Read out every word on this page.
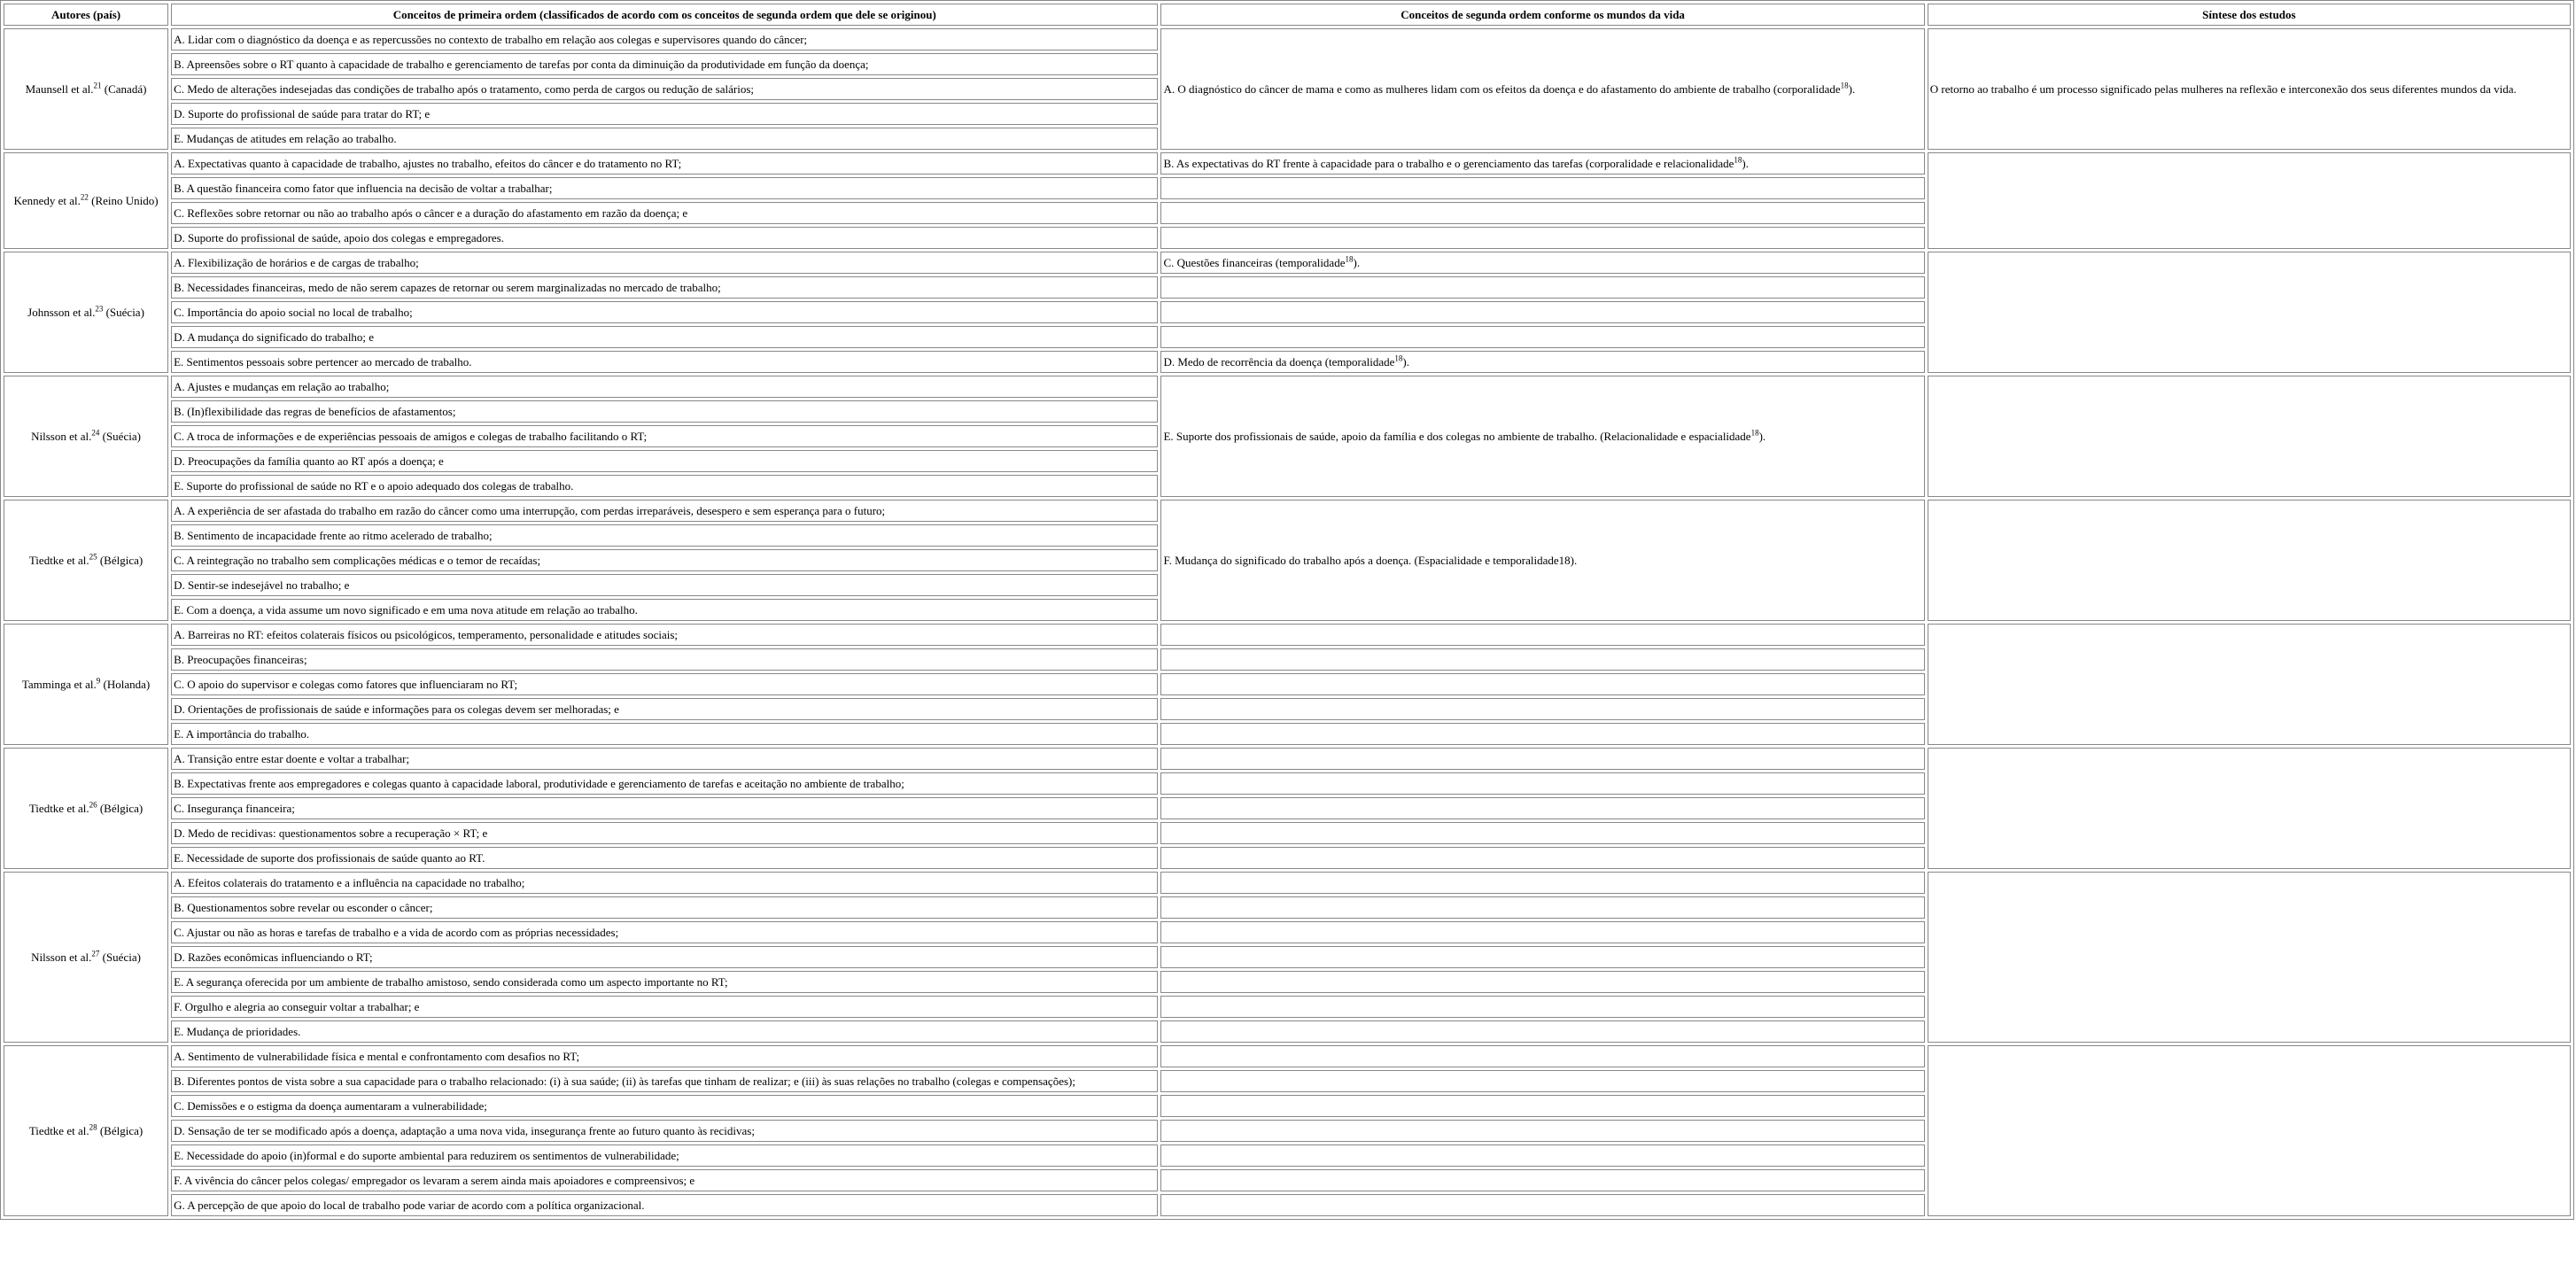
Autores (país)	Conceitos de primeira ordem (classificados de acordo com os conceitos de segunda ordem que dele se originou)	Conceitos de segunda ordem conforme os mundos da vida	Síntese dos estudos
Maunsell et al.$^{21}$ (Canadá)	A. Lidar com o diagnóstico da doença e as repercussões no contexto de trabalho em relação aos colegas e supervisores quando do câncer;	A. O diagnóstico do câncer de mama e como as mulheres lidam com os efeitos da doença e do afastamento do ambiente de trabalho (corporalidade$^{18}$).	O retorno ao trabalho é um processo significado pelas mulheres na reflexão e interconexão dos seus diferentes mundos da vida.
	B. Apreensões sobre o RT quanto à capacidade de trabalho e gerenciamento de tarefas por conta da diminuição da produtividade em função da doença;		
	C. Medo de alterações indesejadas das condições de trabalho após o tratamento, como perda de cargos ou redução de salários;		
	D. Suporte do profissional de saúde para tratar do RT; e		
	E. Mudanças de atitudes em relação ao trabalho.		
Kennedy et al.$^{22}$ (Reino Unido)	A. Expectativas quanto à capacidade de trabalho, ajustes no trabalho, efeitos do câncer e do tratamento no RT;	B. As expectativas do RT frente à capacidade para o trabalho e o gerenciamento das tarefas (corporalidade e relacionalidade$^{18}$).	
	B. A questão financeira como fator que influencia na decisão de voltar a trabalhar;		
	C. Reflexões sobre retornar ou não ao trabalho após o câncer e a duração do afastamento em razão da doença; e		
	D. Suporte do profissional de saúde, apoio dos colegas e empregadores.		
Johnsson et al.$^{23}$ (Suécia)	A. Flexibilização de horários e de cargas de trabalho;	C. Questões financeiras (temporalidade$^{18}$).	
	B. Necessidades financeiras, medo de não serem capazes de retornar ou serem marginalizadas no mercado de trabalho;		
	C. Importância do apoio social no local de trabalho;		
	D. A mudança do significado do trabalho; e		
	E. Sentimentos pessoais sobre pertencer ao mercado de trabalho.	D. Medo de recorrência da doença (temporalidade$^{18}$).	
Nilsson et al.$^{24}$ (Suécia)	A. Ajustes e mudanças em relação ao trabalho;	E. Suporte dos profissionais de saúde, apoio da família e dos colegas no ambiente de trabalho. (Relacionalidade e espacialidade$^{18}$).	
	B. (In)flexibilidade das regras de benefícios de afastamentos;		
	C. A troca de informações e de experiências pessoais de amigos e colegas de trabalho facilitando o RT;		
	D. Preocupações da família quanto ao RT após a doença; e		
	E. Suporte do profissional de saúde no RT e o apoio adequado dos colegas de trabalho.		
Tiedtke et al.$^{25}$ (Bélgica)	A. A experiência de ser afastada do trabalho em razão do câncer como uma interrupção, com perdas irreparáveis, desespero e sem esperança para o futuro;	F. Mudança do significado do trabalho após a doença. (Espacialidade e temporalidade18).	
	B. Sentimento de incapacidade frente ao ritmo acelerado de trabalho;		
	C. A reintegração no trabalho sem complicações médicas e o temor de recaídas;		
	D. Sentir-se indesejável no trabalho; e		
	E. Com a doença, a vida assume um novo significado e em uma nova atitude em relação ao trabalho.		
Tamminga et al.$^9$ (Holanda)	A. Barreiras no RT: efeitos colaterais físicos ou psicológicos, temperamento, personalidade e atitudes sociais;		
	B. Preocupações financeiras;		
	C. O apoio do supervisor e colegas como fatores que influenciaram no RT;		
	D. Orientações de profissionais de saúde e informações para os colegas devem ser melhoradas; e		
	E. A importância do trabalho.		
Tiedtke et al.$^{26}$ (Bélgica)	A. Transição entre estar doente e voltar a trabalhar;		
	B. Expectativas frente aos empregadores e colegas quanto à capacidade laboral, produtividade e gerenciamento de tarefas e aceitação no ambiente de trabalho;		
	C. Insegurança financeira;		
	D. Medo de recidivas: questionamentos sobre a recuperação × RT; e		
	E. Necessidade de suporte dos profissionais de saúde quanto ao RT.		
Nilsson et al.$^{27}$ (Suécia)	A. Efeitos colaterais do tratamento e a influência na capacidade no trabalho;		
	B. Questionamentos sobre revelar ou esconder o câncer;		
	C. Ajustar ou não as horas e tarefas de trabalho e a vida de acordo com as próprias necessidades;		
	D. Razões econômicas influenciando o RT;		
	E. A segurança oferecida por um ambiente de trabalho amistoso, sendo considerada como um aspecto importante no RT;		
	F. Orgulho e alegria ao conseguir voltar a trabalhar; e		
	E. Mudança de prioridades.		
Tiedtke et al.$^{28}$ (Bélgica)	A. Sentimento de vulnerabilidade física e mental e confrontamento com desafios no RT;		
	B. Diferentes pontos de vista sobre a sua capacidade para o trabalho relacionado: (i) à sua saúde; (ii) às tarefas que tinham de realizar; e (iii) às suas relações no trabalho (colegas e compensações);		
	C. Demissões e o estigma da doença aumentaram a vulnerabilidade;		
	D. Sensação de ter se modificado após a doença, adaptação a uma nova vida, insegurança frente ao futuro quanto às recidivas;		
	E. Necessidade do apoio (in)formal e do suporte ambiental para reduzirem os sentimentos de vulnerabilidade;		
	F. A vivência do câncer pelos colegas/ empregador os levaram a serem ainda mais apoiadores e compreensivos; e		
	G. A percepção de que apoio do local de trabalho pode variar de acordo com a política organizacional.		
